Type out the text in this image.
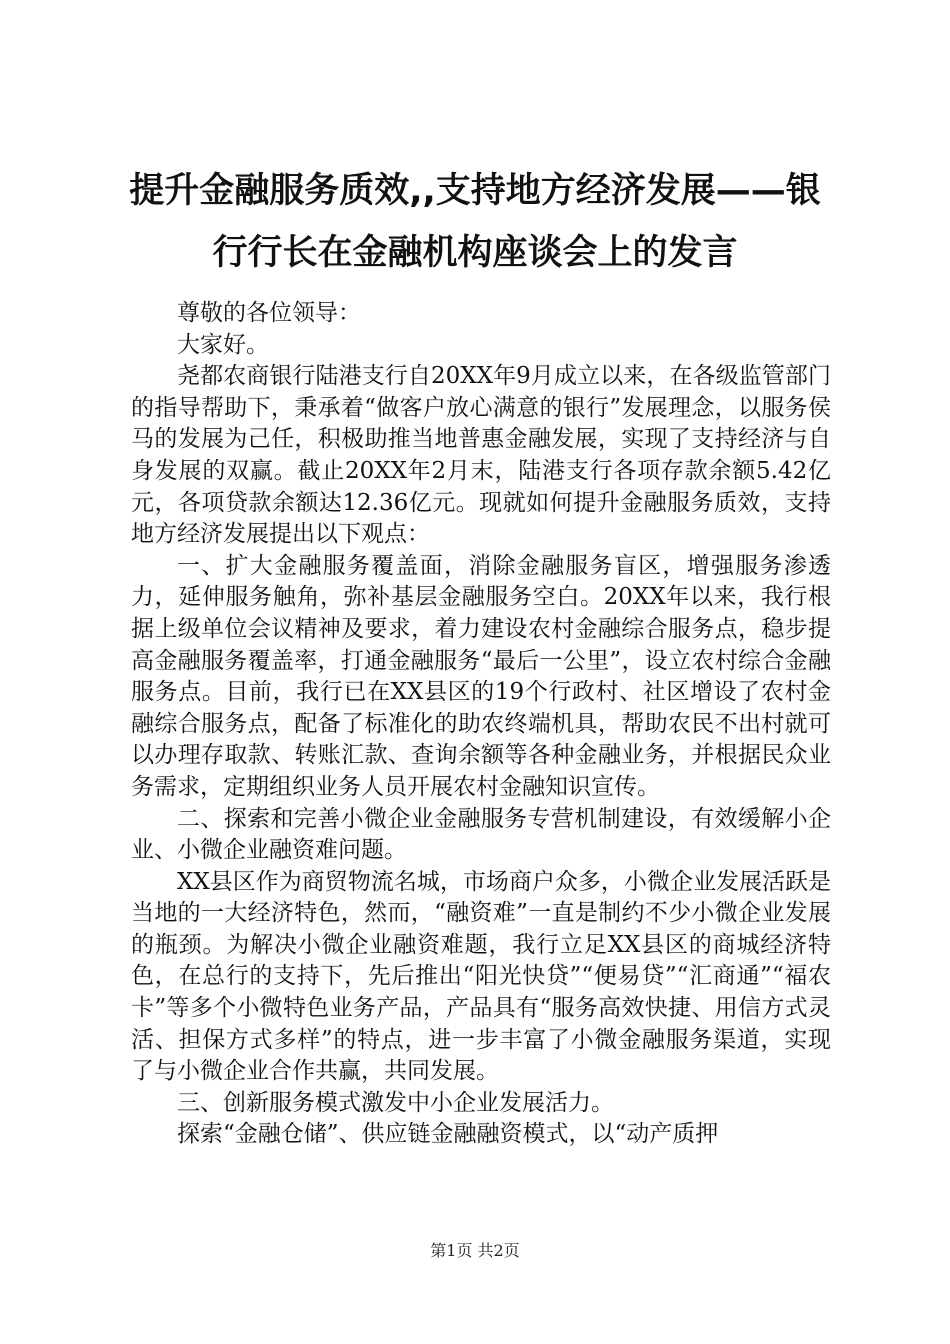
提升金融服务质效,,支持地方经济发展——银
行行长在金融机构座谈会上的发言

尊敬的各位领导：

大家好。

尧都农商银行陆港支行自20XX年9月成立以来，在各级监管部门的指导帮助下，秉承着“做客户放心满意的银行”发展理念，以服务侯马的发展为己任，积极助推当地普惠金融发展，实现了支持经济与自身发展的双赢。截止20XX年2月末，陆港支行各项存款余额5.42亿元，各项贷款余额达12.36亿元。现就如何提升金融服务质效，支持地方经济发展提出以下观点：

一、扩大金融服务覆盖面，消除金融服务盲区，增强服务渗透力，延伸服务触角，弥补基层金融服务空白。20XX年以来，我行根据上级单位会议精神及要求，着力建设农村金融综合服务点，稳步提高金融服务覆盖率，打通金融服务“最后一公里”，设立农村综合金融服务点。目前，我行已在XX县区的19个行政村、社区增设了农村金融综合服务点，配备了标准化的助农终端机具，帮助农民不出村就可以办理存取款、转账汇款、查询余额等各种金融业务，并根据民众业务需求，定期组织业务人员开展农村金融知识宣传。

二、探索和完善小微企业金融服务专营机制建设，有效缓解小企业、小微企业融资难问题。

XX县区作为商贸物流名城，市场商户众多，小微企业发展活跃是当地的一大经济特色，然而，“融资难”一直是制约不少小微企业发展的瓶颈。为解决小微企业融资难题，我行立足XX县区的商城经济特色，在总行的支持下，先后推出“阳光快贷”“便易贷”“汇商通”“福农卡”等多个小微特色业务产品，产品具有“服务高效快捷、用信方式灵活、担保方式多样”的特点，进一步丰富了小微金融服务渠道，实现了与小微企业合作共赢，共同发展。

三、创新服务模式激发中小企业发展活力。

探索“金融仓储”、供应链金融融资模式，以“动产质押

第1页 共2页
